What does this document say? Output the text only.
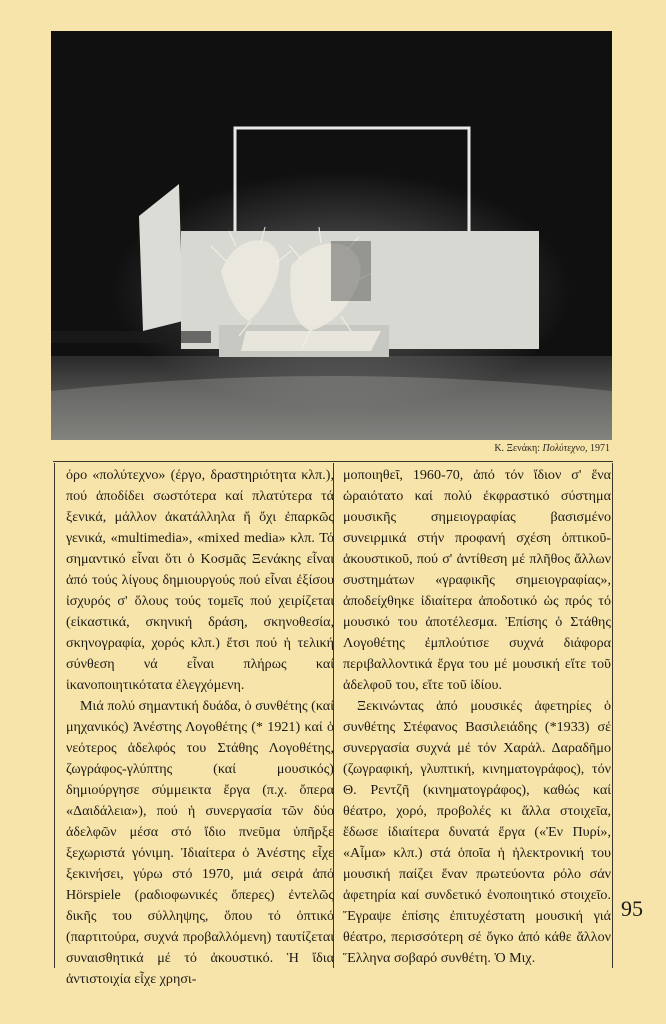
Κ. Ξενάκη: Πολύτεχνο, 1971

όρο «πολύτεχνο» (έργο, δραστηριότητα κλπ.), πού ἀποδίδει σωστότερα καί πλατύτερα τά ξενικά, μάλλον ἀκατάλληλα ἤ ὄχι ἐπαρκῶς γενικά, «multimedia», «mixed media» κλπ. Τό σημαντικό εἶναι ὅτι ὁ Κοσμᾶς Ξενάκης εἶναι ἀπό τούς λίγους δημιουργούς πού εἶναι ἐξίσου ἰσχυρός σ' ὅλους τούς τομεῖς πού χειρίζεται (εἰκαστικά, σκηνική δράση, σκηνοθεσία, σκηνογραφία, χορός κλπ.) ἔτσι πού ἡ τελική σύνθεση νά εἶναι πλήρως καί ἱκανοποιητικότατα ἐλεγχόμενη.

Μιά πολύ σημαντική δυάδα, ὁ συνθέτης (καί μηχανικός) Ἀνέστης Λογοθέτης (* 1921) καί ὁ νεότερος ἀδελφός του Στάθης Λογοθέτης, ζωγράφος-γλύπτης (καί μουσικός) δημιούργησε σύμμεικτα ἔργα (π.χ. ὄπερα «Δαιδάλεια»), πού ἡ συνεργασία τῶν δύο ἀδελφῶν μέσα στό ἴδιο πνεῦμα ὑπῆρξε ξεχωριστά γόνιμη. Ἰδιαίτερα ὁ Ἀνέστης εἶχε ξεκινήσει, γύρω στό 1970, μιά σειρά ἀπό Hörspiele (ραδιοφωνικές ὄπερες) ἐντελῶς δικῆς του σύλληψης, ὅπου τό ὀπτικό (παρτιτούρα, συχνά προβαλλόμενη) ταυτίζεται συναισθητικά μέ τό ἀκουστικό. Ἡ ἴδια ἀντιστοιχία εἶχε χρησι-

μοποιηθεῖ, 1960-70, ἀπό τόν ἴδιον σ' ἕνα ὡραιότατο καί πολύ ἐκφραστικό σύστημα μουσικῆς σημειογραφίας βασισμένο συνειρμικά στήν προφανή σχέση ὀπτικοῦ-ἀκουστικοῦ, πού σ' ἀντίθεση μέ πλῆθος ἄλλων συστημάτων «γραφικῆς σημειογραφίας», ἀποδείχθηκε ἰδιαίτερα ἀποδοτικό ὡς πρός τό μουσικό του ἀποτέλεσμα. Ἐπίσης ὁ Στάθης Λογοθέτης ἐμπλούτισε συχνά διάφορα περιβαλλοντικά ἔργα του μέ μουσική εἴτε τοῦ ἀδελφοῦ του, εἴτε τοῦ ἰδίου.

Ξεκινώντας ἀπό μουσικές ἀφετηρίες ὁ συνθέτης Στέφανος Βασιλειάδης (*1933) σέ συνεργασία συχνά μέ τόν Χαράλ. Δαραδῆμο (ζωγραφική, γλυπτική, κινηματογράφος), τόν Θ. Ρεντζῆ (κινηματογράφος), καθώς καί θέατρο, χορό, προβολές κι ἄλλα στοιχεῖα, ἔδωσε ἰδιαίτερα δυνατά ἔργα («Ἐν Πυρί», «Αἶμα» κλπ.) στά ὁποῖα ἡ ἠλεκτρονική του μουσική παίζει ἕναν πρωτεύοντα ρόλο σάν ἀφετηρία καί συνδετικό ἑνοποιητικό στοιχεῖο. Ἔγραψε ἐπίσης ἐπιτυχέστατη μουσική γιά θέατρο, περισσότερη σέ ὄγκο ἀπό κάθε ἄλλον Ἕλληνα σοβαρό συνθέτη. Ὁ Μιχ.

95
